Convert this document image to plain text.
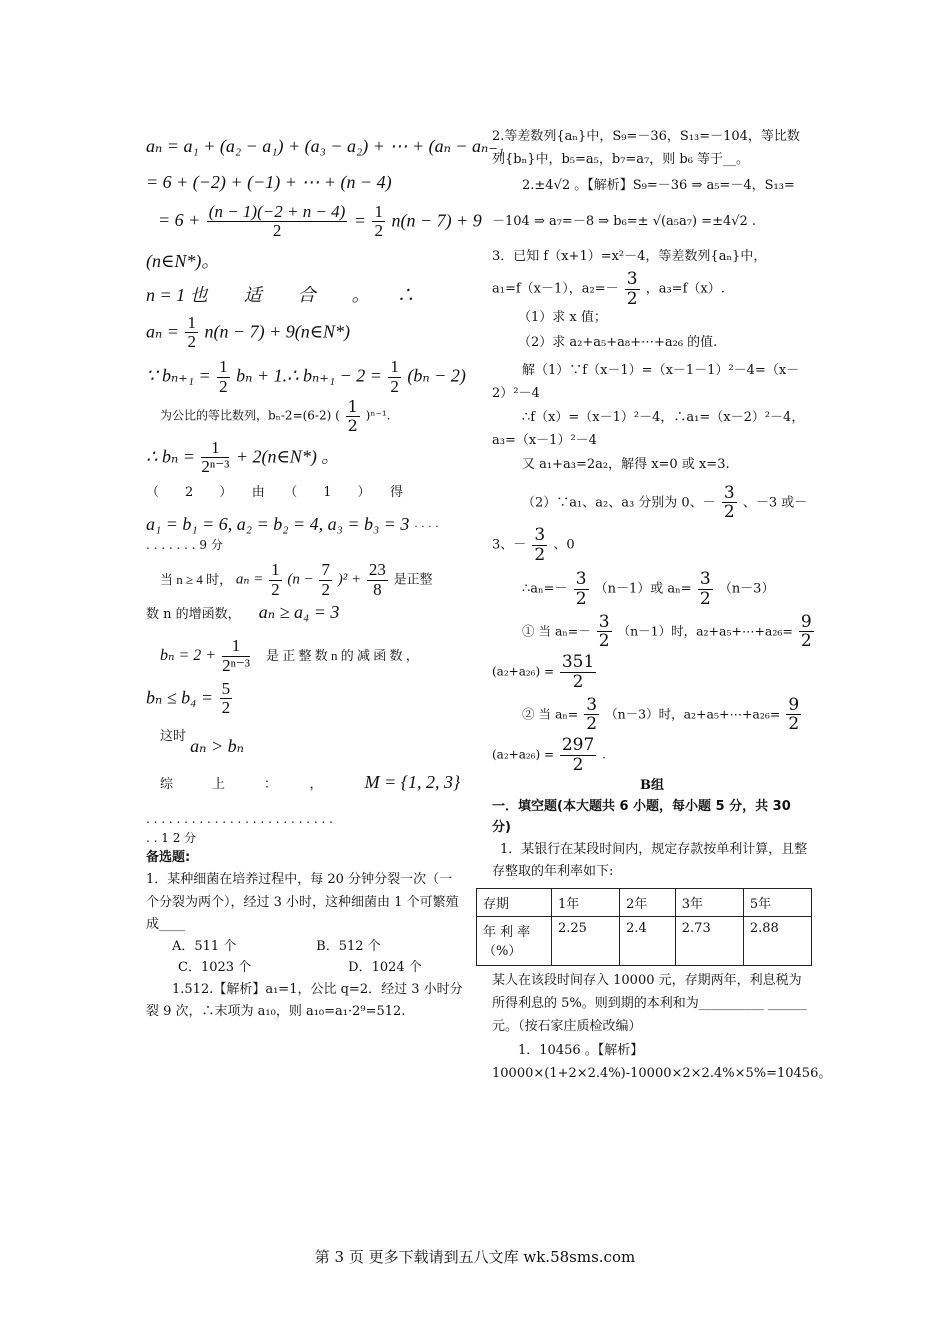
aₙ = a₁ + (a₂ − a₁) + (a₃ − a₂) + ⋯ + (aₙ − aₙ₋₁

= 6 + (−2) + (−1) + ⋯ + (n − 4)

= $6 + \frac{(n - 1)(-2 + n - 4)}{2} = \frac{1}{2} n(n - 7) + 9$

(n∈N*)。

n = 1 也　　适　　合　　。　　∴

$a_n = \frac{1}{2} n(n - 7)$ + 9(n∈N*)

∵ $b_{n+1} = \frac{1}{2}$ bₙ + 1.∴ $b_{n+1} - 2 = \frac{1}{2} (b_n - 2)$

为公比的等比数列，bₙ-2=(6-2) ( $\frac{1}{2} )^{n-1}$.

∴ $b_n = \frac{1}{\text{2ⁿ⁻³}}$ + 2(n∈N*) 。

（　　2　　）　　由　　（　　1　　）　　得

a₁ = b₁ = 6, a₂ = b₂ = 4, a₃ = b₃ = 3 · · · ·

. . . . . . . 9 分

当 n ≥ 4 时， $a_n = \frac{1}{2} (n - \frac{7}{2} )^2 + \frac{23}{8}$ 是正整

数 n 的增函数， aₙ ≥ a₄ = 3

$b_n = 2 + \frac{1}{\text{2ⁿ⁻³}}$ 是 正 整 数 n 的 减 函 数 ，

$b_n \le b_4 = \frac{5}{2}$

这时 aₙ > bₙ

综　　　上　　　：　　　， M = {1, 2, 3}

. . . . . . . . . . . . . . . . . . . . . . . . .

. . 1 2 分

备选题:

1．某种细菌在培养过程中，每 20 分钟分裂一次（一个分裂为两个），经过 3 小时，这种细菌由 1 个可繁殖成____

A．511 个	B．512 个

C．1023 个	D．1024 个

1.512.【解析】a₁=1，公比 q=2．经过 3 小时分裂 9 次，∴末项为 a₁₀，则 a₁₀=a₁·2⁹=512.

2.等差数列{aₙ}中，S₉=－36，S₁₃=－104，等比数列{bₙ}中，b₅=a₅，b₇=a₇，则 b₆ 等于__。

2.±4√2 。【解析】S₉=－36 ⇒ a₅=－4，S₁₃=

－104 ⇒ a₇=－8 ⇒ b₆=± √(a₅a₇) =±4√2 .

3．已知 f（x+1）=x²－4，等差数列{aₙ}中，

a₁=f（x－1），$a_2=- \frac{3}{2}$ ，a₃=f（x）.

（1）求 x 值；

（2）求 a₂+a₅+a₈+⋯+a₂₆ 的值.

解（1）∵f（x－1）=（x－1－1）²－4=（x－2）²－4

∴f（x）=（x－1）²－4，∴a₁=（x－2）²－4，a₃=（x－1）²－4

又 a₁+a₃=2a₂，解得 x=0 或 x=3.

（2）∵a₁、a₂、a₃ 分别为 0、－ $\frac{3}{2}$ 、－3 或－

3、－ $\frac{3}{2}$ 、0

∴aₙ=－ $\frac{3}{2} (n-1)$或 $a_n= \frac{3}{2} (n-3)$

① 当 $a_n=- \frac{3}{2} (n-1)$时，a₂+a₅+⋯+a₂₆= $\frac{9}{2}$

$(a_2+a_{26}) = \frac{351}{2}$

② 当 $a_n= \frac{3}{2} (n-3)$时，a₂+a₅+⋯+a₂₆= $\frac{9}{2}$

$(a_2+a_{26}) = \frac{297}{2}$ .

B组

一．填空题(本大题共 6 小题，每小题 5 分，共 30 分)

1．某银行在某段时间内，规定存款按单利计算，且整存整取的年利率如下:

存期	1年	2年	3年	5年
年 利 率（%）	2.25	2.4	2.73	2.88

某人在该段时间存入 10000 元，存期两年，利息税为所得利息的 5%。则到期的本利和为__________ ______元。（按石家庄质检改编）

1．10456 。【解析】10000×(1+2×2.4%)-10000×2×2.4%×5%=10456。

第 3 页 更多下载请到五八文库 wk.58sms.com
